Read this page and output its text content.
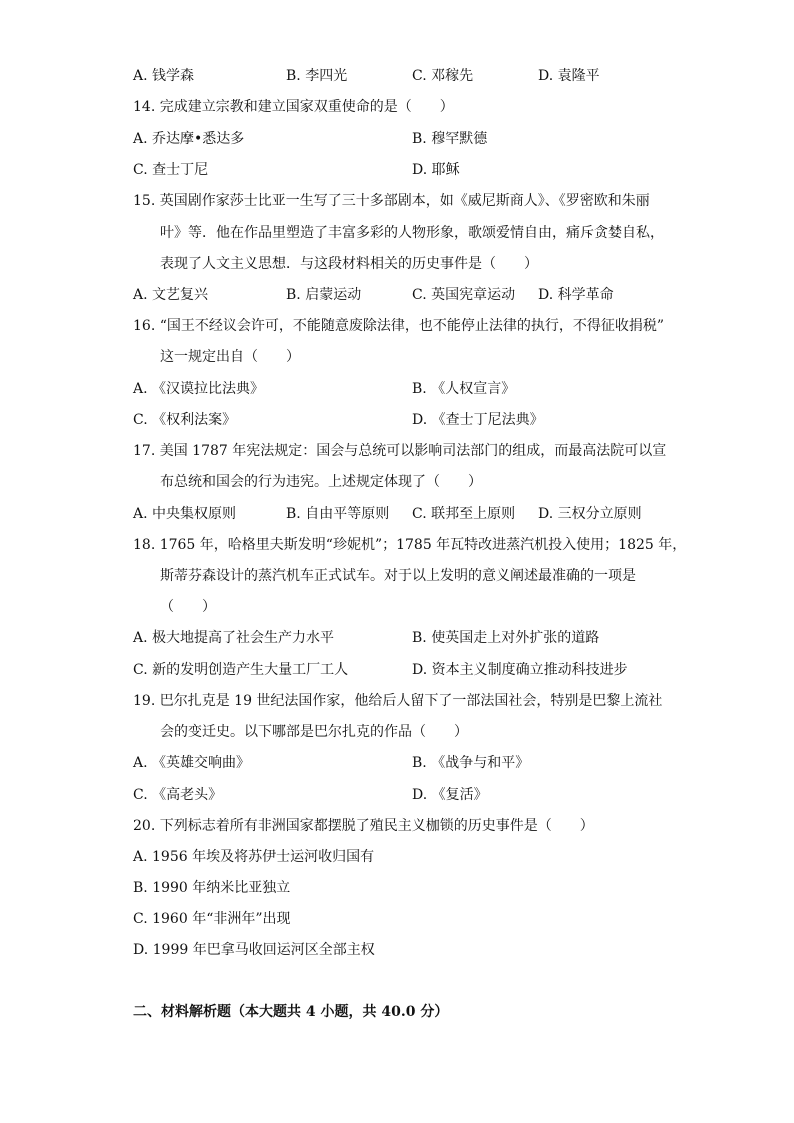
A. 钱学森	B. 李四光	C. 邓稼先	D. 袁隆平
14. 完成建立宗教和建立国家双重使命的是（　　）
A. 乔达摩•悉达多	B. 穆罕默德
C. 查士丁尼	D. 耶稣
15. 英国剧作家莎士比亚一生写了三十多部剧本，如《威尼斯商人》、《罗密欧和朱丽
叶》等．他在作品里塑造了丰富多彩的人物形象，歌颂爱情自由，痛斥贪婪自私，
表现了人文主义思想．与这段材料相关的历史事件是（　　）
A. 文艺复兴	B. 启蒙运动	C. 英国宪章运动 D. 科学革命
16. “国王不经议会许可，不能随意废除法律，也不能停止法律的执行，不得征收捐税”
这一规定出自（　　）
A. 《汉谟拉比法典》	B. 《人权宣言》
C. 《权利法案》	D. 《查士丁尼法典》
17. 美国 1787 年宪法规定：国会与总统可以影响司法部门的组成，而最高法院可以宣
布总统和国会的行为违宪。上述规定体现了（　　）
A. 中央集权原则	B. 自由平等原则 C. 联邦至上原则 D. 三权分立原则
18. 1765 年，哈格里夫斯发明“珍妮机”；1785 年瓦特改进蒸汽机投入使用；1825 年，
斯蒂芬森设计的蒸汽机车正式试车。对于以上发明的意义阐述最准确的一项是
（　　）
A. 极大地提高了社会生产力水平	B. 使英国走上对外扩张的道路
C. 新的发明创造产生大量工厂工人	D. 资本主义制度确立推动科技进步
19. 巴尔扎克是 19 世纪法国作家，他给后人留下了一部法国社会，特别是巴黎上流社
会的变迁史。以下哪部是巴尔扎克的作品（　　）
A. 《英雄交响曲》	B. 《战争与和平》
C. 《高老头》	D. 《复活》
20. 下列标志着所有非洲国家都摆脱了殖民主义枷锁的历史事件是（　　）
A. 1956 年埃及将苏伊士运河收归国有
B. 1990 年纳米比亚独立
C. 1960 年“非洲年”出现
D. 1999 年巴拿马收回运河区全部主权
二、材料解析题（本大题共 4 小题，共 40.0 分）
